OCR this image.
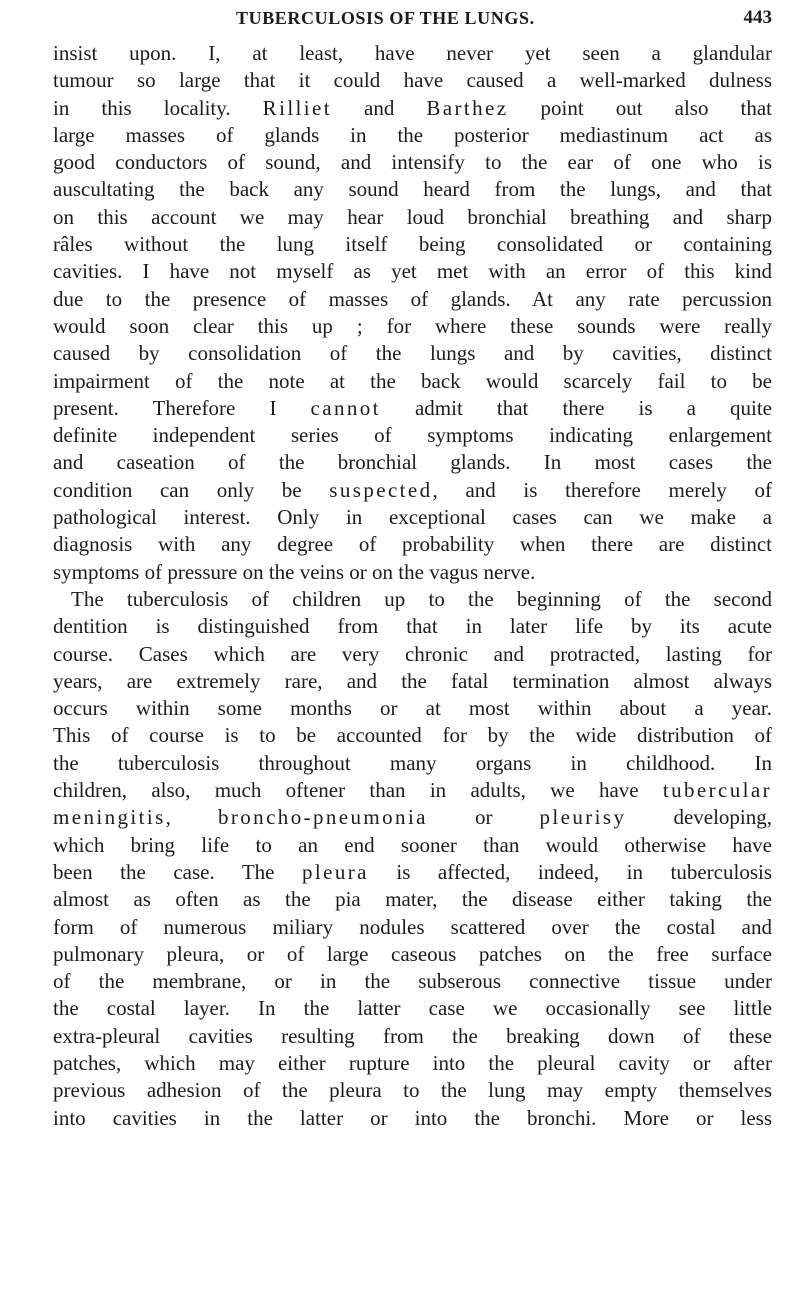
TUBERCULOSIS OF THE LUNGS.	443
insist upon. I, at least, have never yet seen a glandular
tumour so large that it could have caused a well-marked dulness
in this locality. Rilliet and Barthez point out also that
large masses of glands in the posterior mediastinum act as
good conductors of sound, and intensify to the ear of one who is
auscultating the back any sound heard from the lungs, and that
on this account we may hear loud bronchial breathing and sharp
râles without the lung itself being consolidated or containing
cavities. I have not myself as yet met with an error of this kind
due to the presence of masses of glands. At any rate percussion
would soon clear this up ; for where these sounds were really
caused by consolidation of the lungs and by cavities, distinct
impairment of the note at the back would scarcely fail to be
present. Therefore I cannot admit that there is a quite
definite independent series of symptoms indicating enlargement
and caseation of the bronchial glands. In most cases the
condition can only be suspected, and is therefore merely of
pathological interest. Only in exceptional cases can we make a
diagnosis with any degree of probability when there are distinct
symptoms of pressure on the veins or on the vagus nerve.
The tuberculosis of children up to the beginning of the second
dentition is distinguished from that in later life by its acute
course. Cases which are very chronic and protracted, lasting for
years, are extremely rare, and the fatal termination almost always
occurs within some months or at most within about a year.
This of course is to be accounted for by the wide distribution of
the tuberculosis throughout many organs in childhood. In
children, also, much oftener than in adults, we have tubercular
meningitis, broncho-pneumonia or pleurisy developing,
which bring life to an end sooner than would otherwise have
been the case. The pleura is affected, indeed, in tuberculosis
almost as often as the pia mater, the disease either taking the
form of numerous miliary nodules scattered over the costal and
pulmonary pleura, or of large caseous patches on the free surface
of the membrane, or in the subserous connective tissue under
the costal layer. In the latter case we occasionally see little
extra-pleural cavities resulting from the breaking down of these
patches, which may either rupture into the pleural cavity or after
previous adhesion of the pleura to the lung may empty themselves
into cavities in the latter or into the bronchi. More or less
